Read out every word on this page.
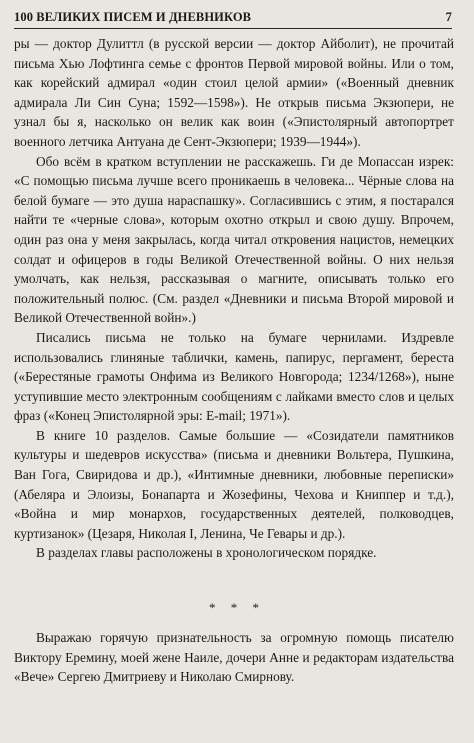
100 ВЕЛИКИХ ПИСЕМ И ДНЕВНИКОВ	7

ры — доктор Дулиттл (в русской версии — доктор Айболит), не прочитай письма Хью Лофтинга семье с фронтов Первой мировой войны. Или о том, как корейский адмирал «один стоил целой армии» («Военный дневник адмирала Ли Син Суна; 1592—1598»). Не открыв письма Экзюпери, не узнал бы я, насколько он велик как воин («Эпистолярный автопортрет военного летчика Антуана де Сент-Экзюпери; 1939—1944»).

Обо всём в кратком вступлении не расскажешь. Ги де Мопассан изрек: «С помощью письма лучше всего проникаешь в человека... Чёрные слова на белой бумаге — это душа нараспашку». Согласившись с этим, я постарался найти те «черные слова», которым охотно открыл и свою душу. Впрочем, один раз она у меня закрылась, когда читал откровения нацистов, немецких солдат и офицеров в годы Великой Отечественной войны. О них нельзя умолчать, как нельзя, рассказывая о магните, описывать только его положительный полюс. (См. раздел «Дневники и письма Второй мировой и Великой Отечественной войн».)

Писались письма не только на бумаге чернилами. Издревле использовались глиняные таблички, камень, папирус, пергамент, береста («Берестяные грамоты Онфима из Великого Новгорода; 1234/1268»), ныне уступившие место электронным сообщениям с лайками вместо слов и целых фраз («Конец Эпистолярной эры: E-mail; 1971»).

В книге 10 разделов. Самые большие — «Созидатели памятников культуры и шедевров искусства» (письма и дневники Вольтера, Пушкина, Ван Гога, Свиридова и др.), «Интимные дневники, любовные переписки» (Абеляра и Элоизы, Бонапарта и Жозефины, Чехова и Книппер и т.д.), «Война и мир монархов, государственных деятелей, полководцев, куртизанок» (Цезаря, Николая I, Ленина, Че Гевары и др.).

В разделах главы расположены в хронологическом порядке.

* * *

Выражаю горячую признательность за огромную помощь писателю Виктору Еремину, моей жене Наиле, дочери Анне и редакторам издательства «Вече» Сергею Дмитриеву и Николаю Смирнову.
